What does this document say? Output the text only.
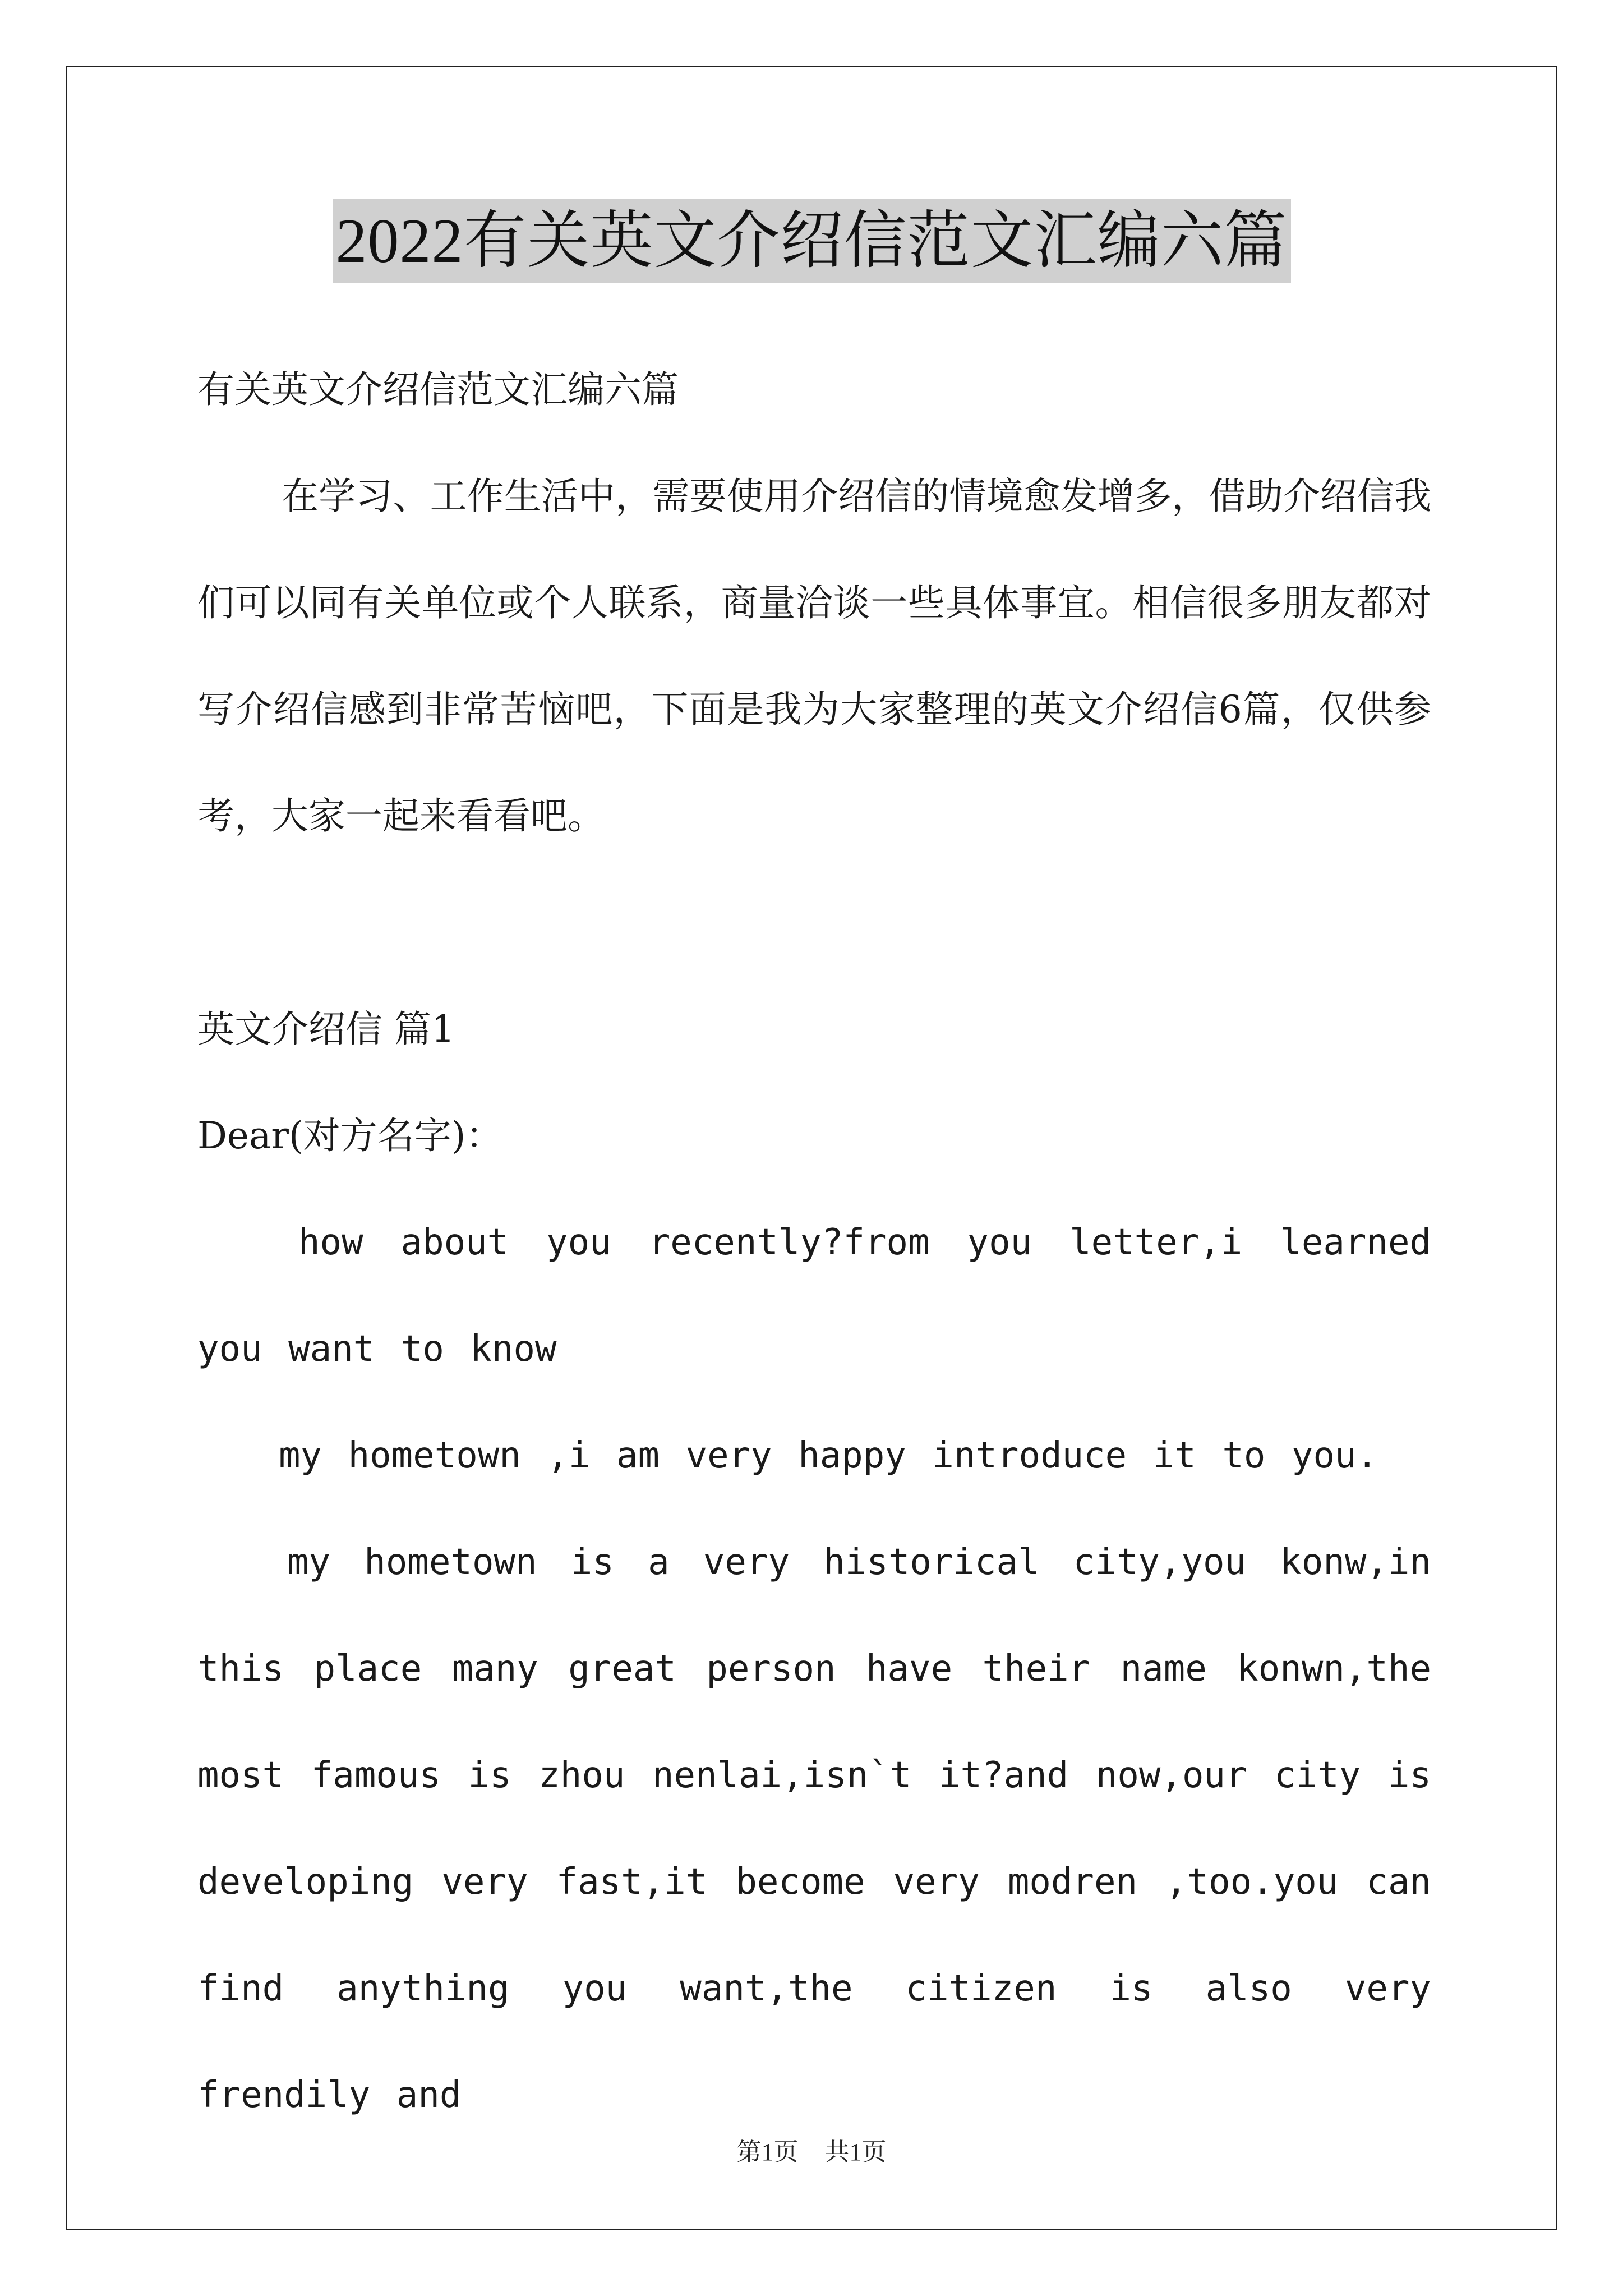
2022有关英文介绍信范文汇编六篇

有关英文介绍信范文汇编六篇

在学习、工作生活中，需要使用介绍信的情境愈发增多，借助介绍信我们可以同有关单位或个人联系，商量洽谈一些具体事宜。相信很多朋友都对写介绍信感到非常苦恼吧，下面是我为大家整理的英文介绍信6篇，仅供参考，大家一起来看看吧。

英文介绍信 篇1

Dear(对方名字)：

how about you recently?from you letter,i learned you want to know

my hometown ,i am very happy introduce it to you.

my hometown is a very historical city,you konw,in this place many great person have their name konwn,the most famous is zhou nenlai,isn`t it?and now,our city is developing very fast,it become very modren ,too.you can find anything you want,the citizen is also very frendily and

第1页 共1页
